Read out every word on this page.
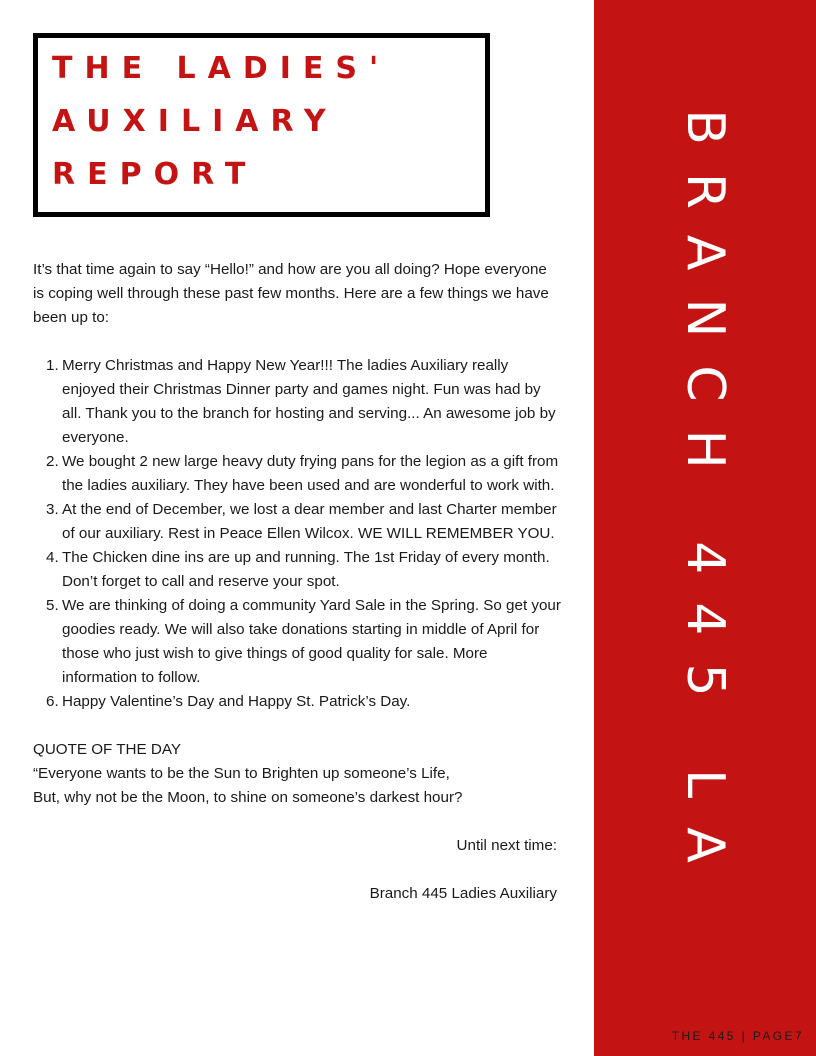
THE LADIES'
AUXILIARY
REPORT

It’s that time again to say “Hello!” and how are you all doing? Hope everyone is coping well through these past few months. Here are a few things we have been up to:

1. Merry Christmas and Happy New Year!!! The ladies Auxiliary really enjoyed their Christmas Dinner party and games night. Fun was had by all. Thank you to the branch for hosting and serving... An awesome job by everyone.
2. We bought 2 new large heavy duty frying pans for the legion as a gift from the ladies auxiliary. They have been used and are wonderful to work with.
3. At the end of December, we lost a dear member and last Charter member of our auxiliary. Rest in Peace Ellen Wilcox. WE WILL REMEMBER YOU.
4. The Chicken dine ins are up and running. The 1st Friday of every month. Don’t forget to call and reserve your spot.
5. We are thinking of doing a community Yard Sale in the Spring. So get your goodies ready. We will also take donations starting in middle of April for those who just wish to give things of good quality for sale. More information to follow.
6. Happy Valentine’s Day and Happy St. Patrick’s Day.
QUOTE OF THE DAY
“Everyone wants to be the Sun to Brighten up someone’s Life,
But, why not be the Moon, to shine on someone’s darkest hour?
Until next time:
Branch 445 Ladies Auxiliary
BRANCH 445 LA
THE 445 | PAGE7
